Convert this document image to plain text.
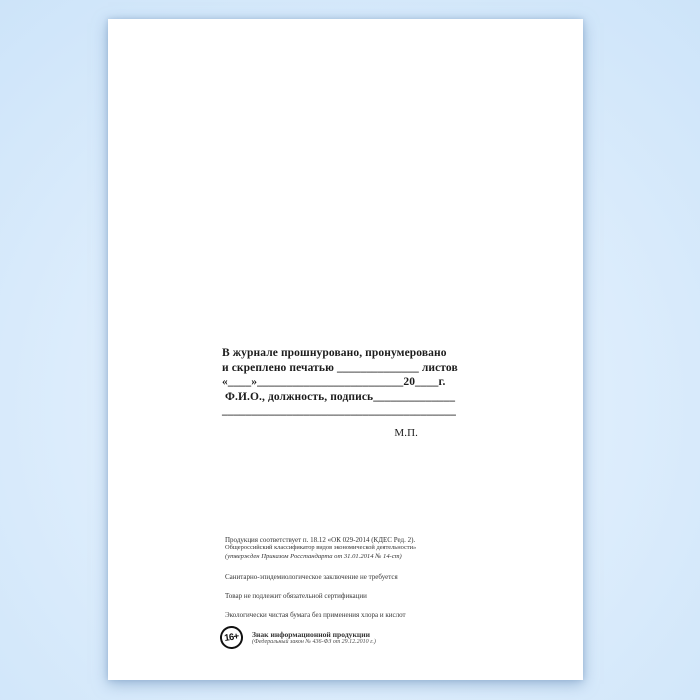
В журнале прошнуровано, пронумеровано
и скреплено печатью ______________ листов
«____»_________________________20____г.
Ф.И.О., должность, подпись______________
________________________________________
М.П.
Продукция соответствует п. 18.12 «ОК 029-2014 (КДЕС Ред. 2).
Общероссийский классификатор видов экономической деятельности»
(утвержден Приказом Росстандарта от 31.01.2014 № 14-ст)
Санитарно-эпидемиологическое заключение не требуется
Товар не подлежит обязательной сертификации
Экологически чистая бумага без применения хлора и кислот
16+	Знак информационной продукции
(Федеральный закон № 436-ФЗ от 29.12.2010 г.)
